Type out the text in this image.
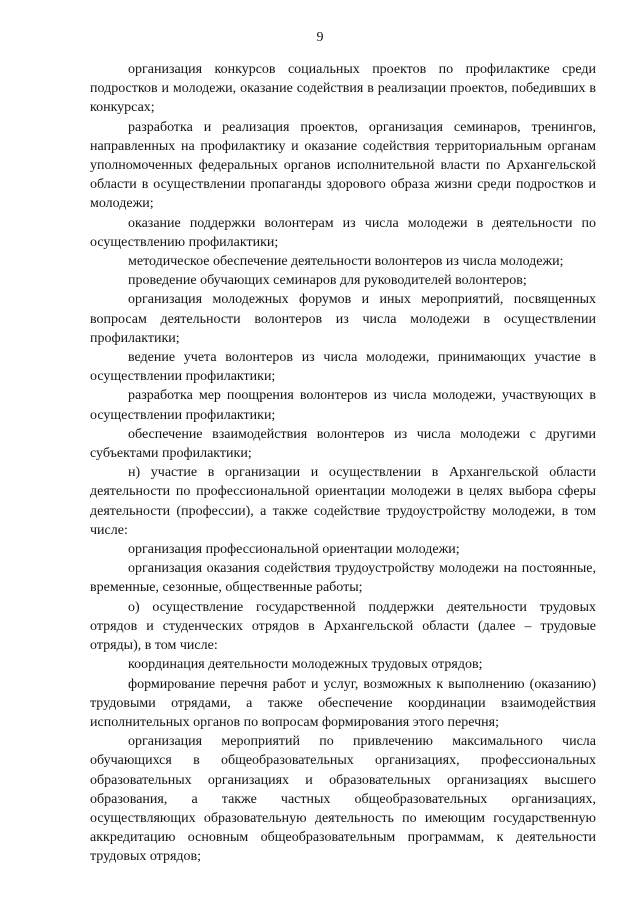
9

организация конкурсов социальных проектов по профилактике среди подростков и молодежи, оказание содействия в реализации проектов, победивших в конкурсах;

разработка и реализация проектов, организация семинаров, тренингов, направленных на профилактику и оказание содействия территориальным органам уполномоченных федеральных органов исполнительной власти по Архангельской области в осуществлении пропаганды здорового образа жизни среди подростков и молодежи;

оказание поддержки волонтерам из числа молодежи в деятельности по осуществлению профилактики;

методическое обеспечение деятельности волонтеров из числа молодежи;

проведение обучающих семинаров для руководителей волонтеров;

организация молодежных форумов и иных мероприятий, посвященных вопросам деятельности волонтеров из числа молодежи в осуществлении профилактики;

ведение учета волонтеров из числа молодежи, принимающих участие в осуществлении профилактики;

разработка мер поощрения волонтеров из числа молодежи, участвующих в осуществлении профилактики;

обеспечение взаимодействия волонтеров из числа молодежи с другими субъектами профилактики;

н) участие в организации и осуществлении в Архангельской области деятельности по профессиональной ориентации молодежи в целях выбора сферы деятельности (профессии), а также содействие трудоустройству молодежи, в том числе:

организация профессиональной ориентации молодежи;

организация оказания содействия трудоустройству молодежи на постоянные, временные, сезонные, общественные работы;

о) осуществление государственной поддержки деятельности трудовых отрядов и студенческих отрядов в Архангельской области (далее – трудовые отряды), в том числе:

координация деятельности молодежных трудовых отрядов;

формирование перечня работ и услуг, возможных к выполнению (оказанию) трудовыми отрядами, а также обеспечение координации взаимодействия исполнительных органов по вопросам формирования этого перечня;

организация мероприятий по привлечению максимального числа обучающихся в общеобразовательных организациях, профессиональных образовательных организациях и образовательных организациях высшего образования, а также частных общеобразовательных организациях, осуществляющих образовательную деятельность по имеющим государственную аккредитацию основным общеобразовательным программам, к деятельности трудовых отрядов;
